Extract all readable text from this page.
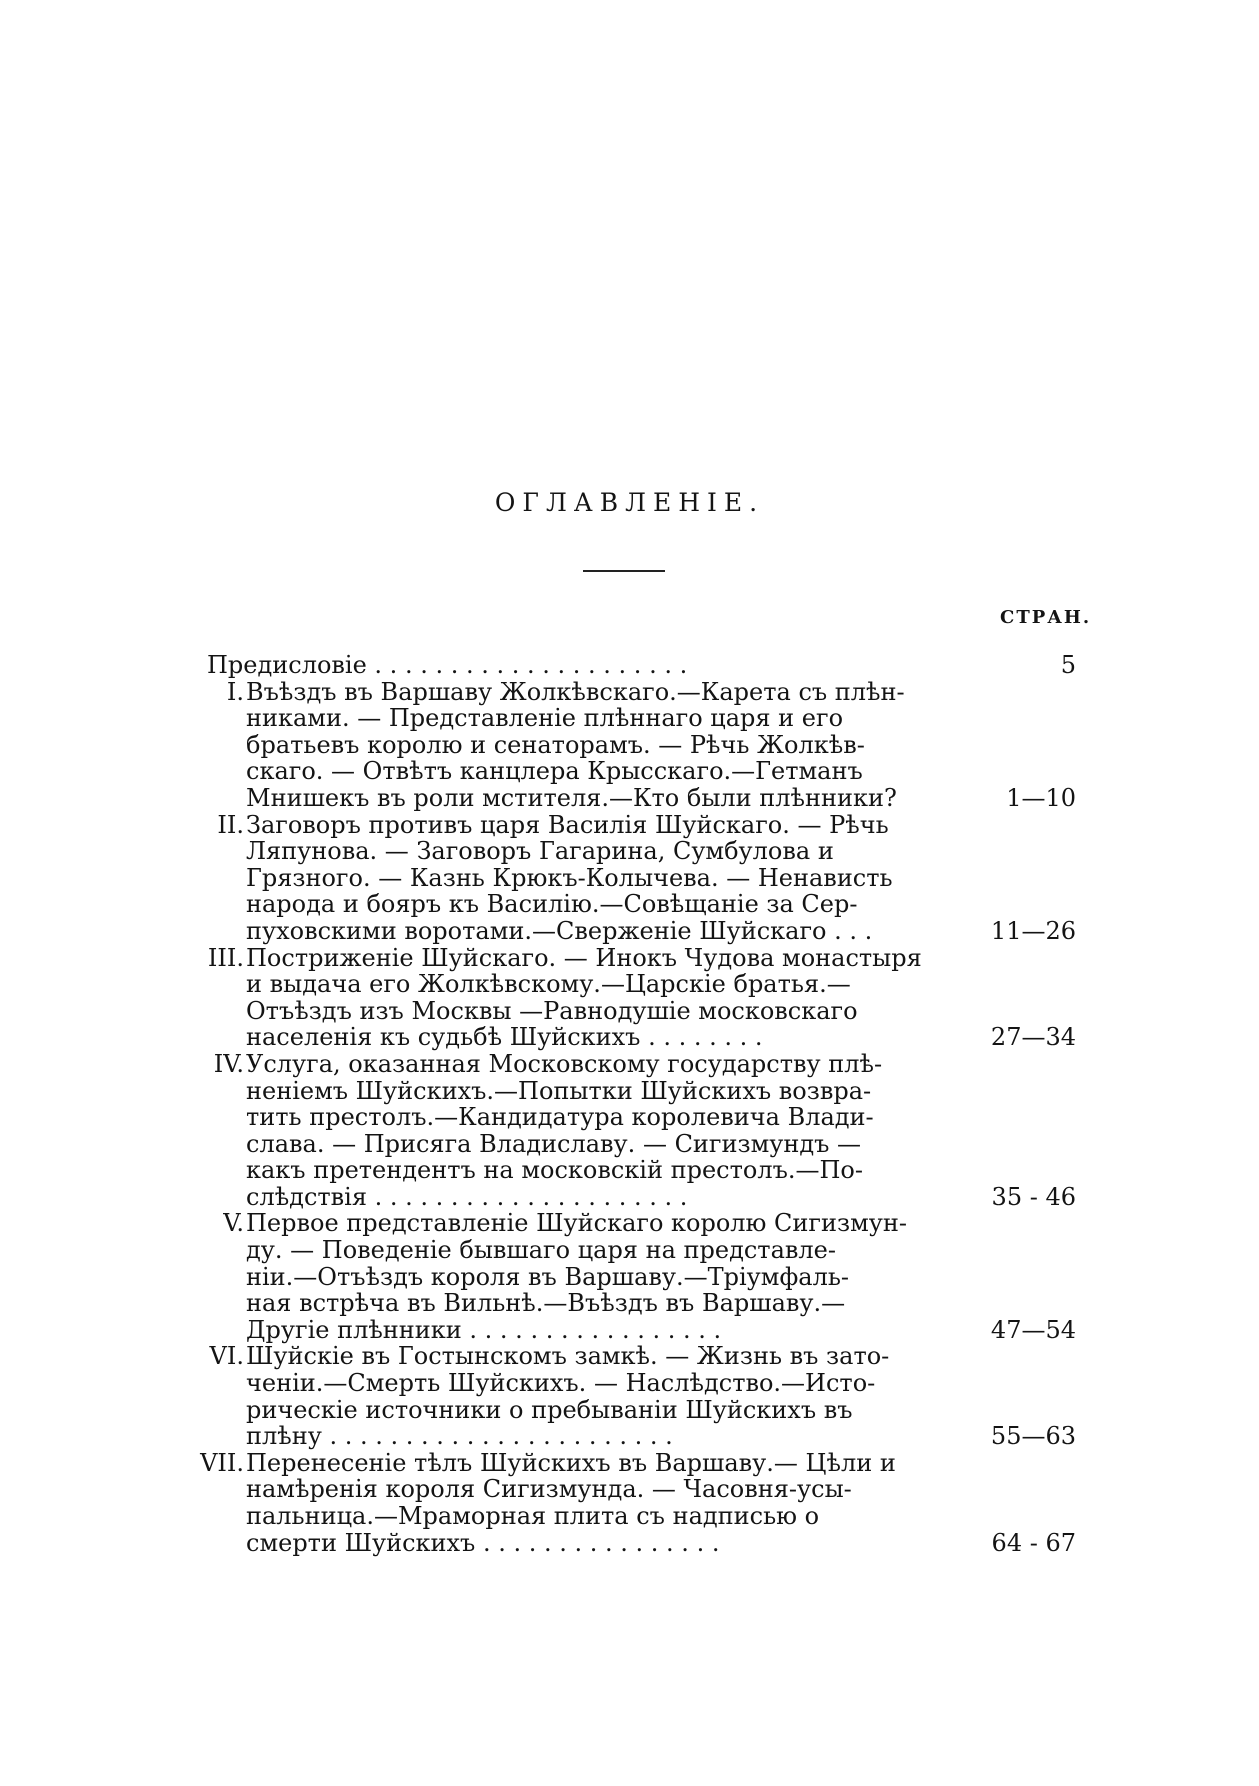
ОГЛАВЛЕНІЕ.
СТРАН.
Предисловіе . . . . . . . . . . . . . . . . . . . . .	5
I. Въѣздъ въ Варшаву Жолкѣвскаго.—Карета съ плѣн-
никами. — Представленіе плѣннаго царя и его
братьевъ королю и сенаторамъ. — Рѣчь Жолкѣв-
скаго. — Отвѣтъ канцлера Крысскаго.—Гетманъ
Мнишекъ въ роли мстителя.—Кто были плѣнники?	1—10
II. Заговоръ противъ царя Василія Шуйскаго. — Рѣчь
Ляпунова. — Заговоръ Гагарина, Сумбулова и
Грязного. — Казнь Крюкъ-Колычева. — Ненависть
народа и бояръ къ Василію.—Совѣщаніе за Сер-
пуховскими воротами.—Сверженіе Шуйскаго . . .	11—26
III. Постриженіе Шуйскаго. — Инокъ Чудова монастыря
и выдача его Жолкѣвскому.—Царскіе братья.—
Отъѣздъ изъ Москвы —Равнодушіе московскаго
населенія къ судьбѣ Шуйскихъ . . . . . . . .	27—34
IV. Услуга, оказанная Московскому государству плѣ-
неніемъ Шуйскихъ.—Попытки Шуйскихъ возвра-
тить престолъ.—Кандидатура королевича Влади-
слава. — Присяга Владиславу. — Сигизмундъ —
какъ претендентъ на московскій престолъ.—По-
слѣдствія . . . . . . . . . . . . . . . . . . . . .	35 - 46
V. Первое представленіе Шуйскаго королю Сигизмун-
ду. — Поведеніе бывшаго царя на представле-
ніи.—Отъѣздъ короля въ Варшаву.—Тріумфаль-
ная встрѣча въ Вильнѣ.—Въѣздъ въ Варшаву.—
Другіе плѣнники . . . . . . . . . . . . . . . . .	47—54
VI. Шуйскіе въ Гостынскомъ замкѣ. — Жизнь въ зато-
ченіи.—Смерть Шуйскихъ. — Наслѣдство.—Исто-
рическіе источники о пребываніи Шуйскихъ въ
плѣну . . . . . . . . . . . . . . . . . . . . . . .	55—63
VII. Перенесеніе тѣлъ Шуйскихъ въ Варшаву.— Цѣли и
намѣренія короля Сигизмунда. — Часовня-усы-
пальница.—Мраморная плита съ надписью о
смерти Шуйскихъ . . . . . . . . . . . . . . . .	64 - 67
